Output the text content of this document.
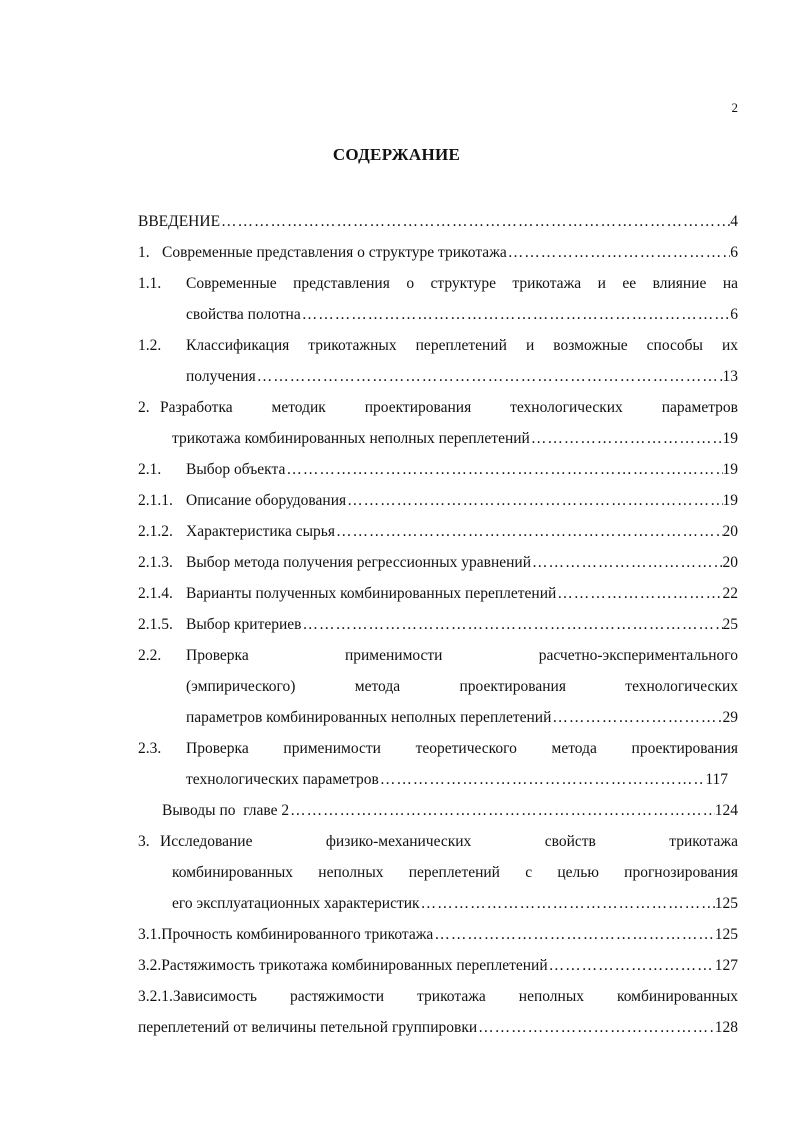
2
СОДЕРЖАНИЕ
ВВЕДЕНИЕ ……………………………………………………………………………………………………………………………………………	4
1. Современные представления о структуре трикотажа ……………………………………………………………………………………………………………………………………………	6
1.1.	Современные представления о структуре трикотажа и ее влияние на
свойства полотна ……………………………………………………………………………………………………………………………………………	6
1.2.	Классификация трикотажных переплетений и возможные способы их
получения ……………………………………………………………………………………………………………………………………………	13
2. Разработка методик проектирования технологических параметров
трикотажа комбинированных неполных переплетений ……………………………………………………………………………………………………………………………………………	19
2.1.	Выбор объекта ……………………………………………………………………………………………………………………………………………	19
2.1.1. Описание оборудования ……………………………………………………………………………………………………………………………………………	19
2.1.2. Характеристика сырья ……………………………………………………………………………………………………………………………………………	20
2.1.3. Выбор метода получения регрессионных уравнений ……………………………………………………………………………………………………………………………………………	20
2.1.4. Варианты полученных комбинированных переплетений ……………………………………………………………………………………………………………………………………………	22
2.1.5. Выбор критериев ……………………………………………………………………………………………………………………………………………	25
2.2.	Проверка применимости расчетно-экспериментального
(эмпирического) метода проектирования технологических
параметров комбинированных неполных переплетений ……………………………………………………………………………………………………………………………………………	29
2.3.	Проверка применимости теоретического метода проектирования
технологических параметров ……………………………………………………………………………………………………………………………………………	117
Выводы по  главе 2 ……………………………………………………………………………………………………………………………………………	124
3. Исследование физико-механических свойств трикотажа
комбинированных неполных переплетений с целью прогнозирования
его эксплуатационных характеристик ……………………………………………………………………………………………………………………………………………	125
3.1. Прочность комбинированного трикотажа ……………………………………………………………………………………………………………………………………………	125
3.2. Растяжимость трикотажа комбинированных переплетений ……………………………………………………………………………………………………………………………………………	127
3.2.1. Зависимость растяжимости трикотажа неполных комбинированных
переплетений от величины петельной группировки ……………………………………………………………………………………………………………………………………………	128
